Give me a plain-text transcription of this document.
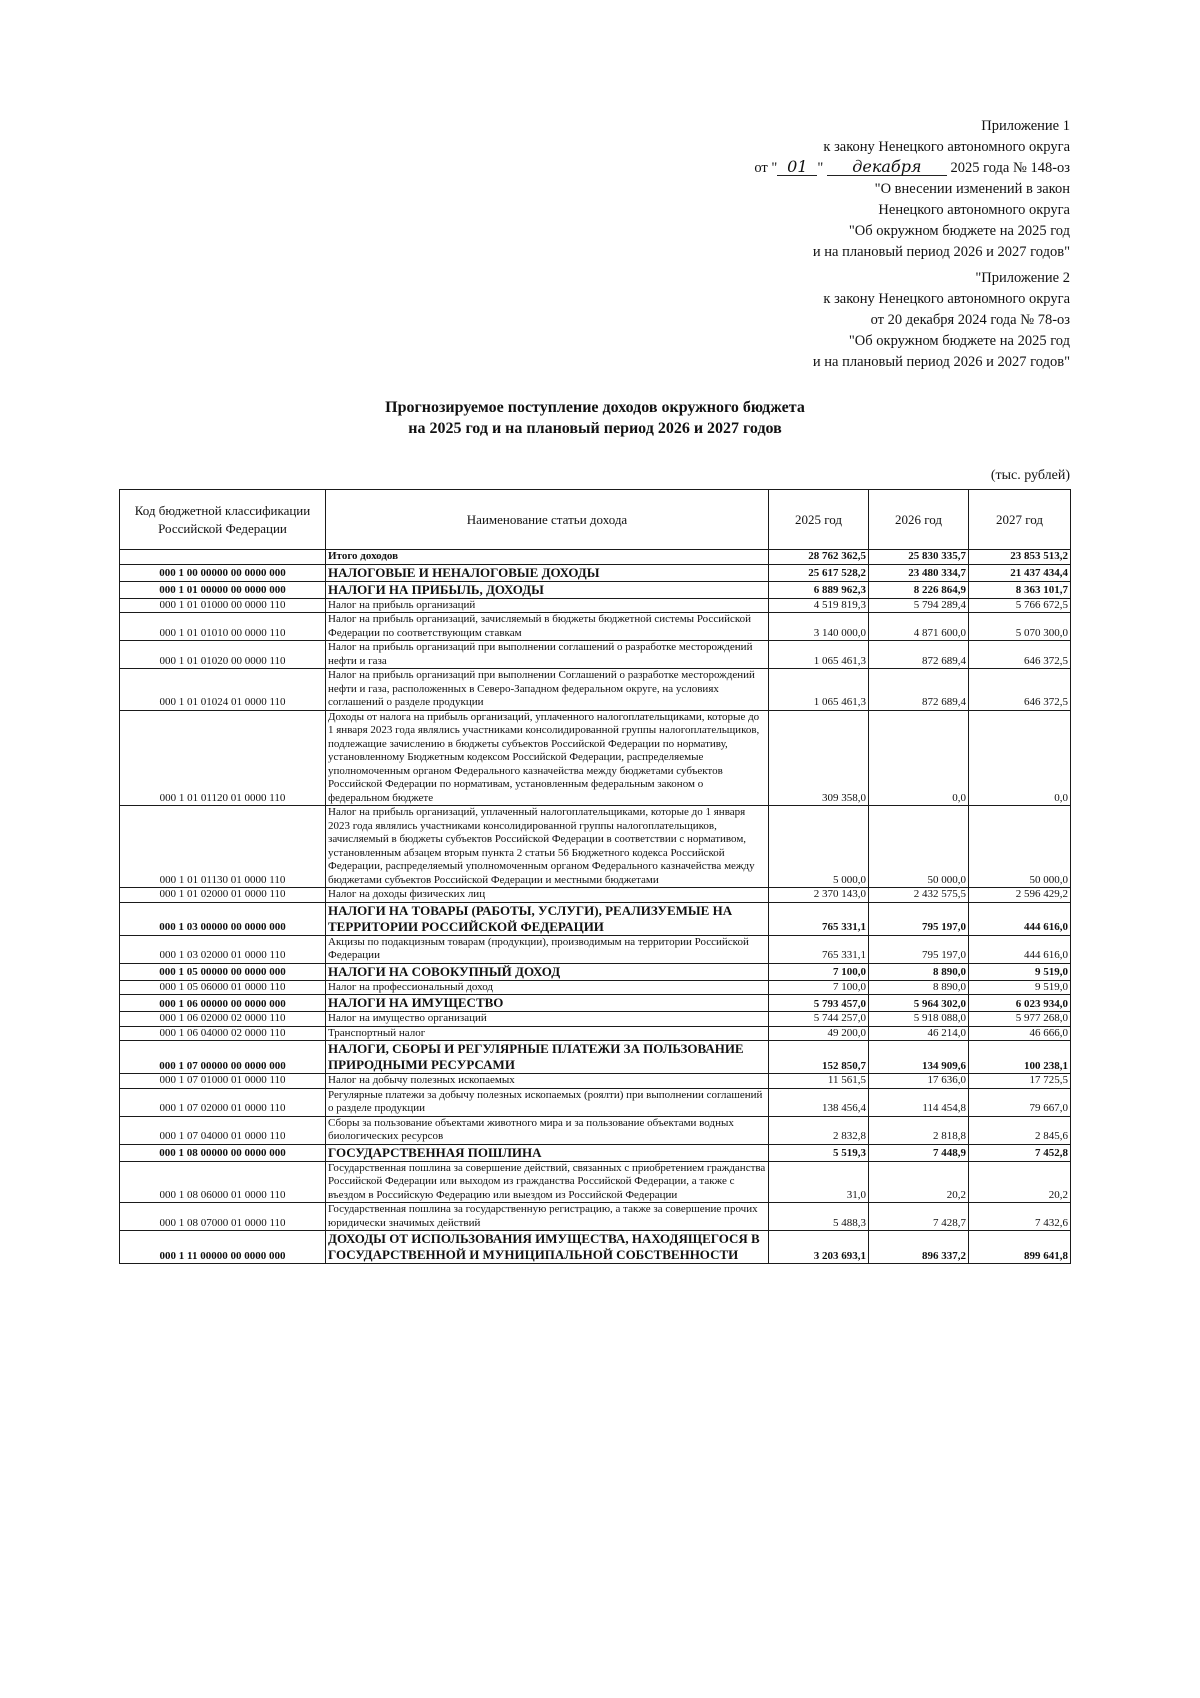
Приложение 1
к закону Ненецкого автономного округа
от " 01 " декабря 2025 года № 148-оз
"О внесении изменений в закон
Ненецкого автономного округа
"Об окружном бюджете на 2025 год
и на плановый период 2026 и 2027 годов"
"Приложение 2
к закону Ненецкого автономного округа
от 20 декабря 2024 года № 78-оз
"Об окружном бюджете на 2025 год
и на плановый период 2026 и 2027 годов"
Прогнозируемое поступление доходов окружного бюджета
на 2025 год и на плановый период 2026 и 2027 годов
(тыс. рублей)
Код бюджетной классификации Российской Федерации	Наименование статьи дохода	2025 год	2026 год	2027 год
	Итого доходов	28 762 362,5	25 830 335,7	23 853 513,2
000 1 00 00000 00 0000 000	НАЛОГОВЫЕ И НЕНАЛОГОВЫЕ ДОХОДЫ	25 617 528,2	23 480 334,7	21 437 434,4
000 1 01 00000 00 0000 000	НАЛОГИ НА ПРИБЫЛЬ, ДОХОДЫ	6 889 962,3	8 226 864,9	8 363 101,7
000 1 01 01000 00 0000 110	Налог на прибыль организаций	4 519 819,3	5 794 289,4	5 766 672,5
000 1 01 01010 00 0000 110	Налог на прибыль организаций, зачисляемый в бюджеты бюджетной системы Российской Федерации по соответствующим ставкам	3 140 000,0	4 871 600,0	5 070 300,0
000 1 01 01020 00 0000 110	Налог на прибыль организаций при выполнении соглашений о разработке месторождений нефти и газа	1 065 461,3	872 689,4	646 372,5
000 1 01 01024 01 0000 110	Налог на прибыль организаций при выполнении Соглашений о разработке месторождений нефти и газа, расположенных в Северо-Западном федеральном округе, на условиях соглашений о разделе продукции	1 065 461,3	872 689,4	646 372,5
000 1 01 01120 01 0000 110	Доходы от налога на прибыль организаций, уплаченного налогоплательщиками, которые до 1 января 2023 года являлись участниками консолидированной группы налогоплательщиков, подлежащие зачислению в бюджеты субъектов Российской Федерации по нормативу, установленному Бюджетным кодексом Российской Федерации, распределяемые уполномоченным органом Федерального казначейства между бюджетами субъектов Российской Федерации по нормативам, установленным федеральным законом о федеральном бюджете	309 358,0	0,0	0,0
000 1 01 01130 01 0000 110	Налог на прибыль организаций, уплаченный налогоплательщиками, которые до 1 января 2023 года являлись участниками консолидированной группы налогоплательщиков, зачисляемый в бюджеты субъектов Российской Федерации в соответствии с нормативом, установленным абзацем вторым пункта 2 статьи 56 Бюджетного кодекса Российской Федерации, распределяемый уполномоченным органом Федерального казначейства между бюджетами субъектов Российской Федерации и местными бюджетами	5 000,0	50 000,0	50 000,0
000 1 01 02000 01 0000 110	Налог на доходы физических лиц	2 370 143,0	2 432 575,5	2 596 429,2
000 1 03 00000 00 0000 000	НАЛОГИ НА ТОВАРЫ (РАБОТЫ, УСЛУГИ), РЕАЛИЗУЕМЫЕ НА ТЕРРИТОРИИ РОССИЙСКОЙ ФЕДЕРАЦИИ	765 331,1	795 197,0	444 616,0
000 1 03 02000 01 0000 110	Акцизы по подакцизным товарам (продукции), производимым на территории Российской Федерации	765 331,1	795 197,0	444 616,0
000 1 05 00000 00 0000 000	НАЛОГИ НА СОВОКУПНЫЙ ДОХОД	7 100,0	8 890,0	9 519,0
000 1 05 06000 01 0000 110	Налог на профессиональный доход	7 100,0	8 890,0	9 519,0
000 1 06 00000 00 0000 000	НАЛОГИ НА ИМУЩЕСТВО	5 793 457,0	5 964 302,0	6 023 934,0
000 1 06 02000 02 0000 110	Налог на имущество организаций	5 744 257,0	5 918 088,0	5 977 268,0
000 1 06 04000 02 0000 110	Транспортный налог	49 200,0	46 214,0	46 666,0
000 1 07 00000 00 0000 000	НАЛОГИ, СБОРЫ И РЕГУЛЯРНЫЕ ПЛАТЕЖИ ЗА ПОЛЬЗОВАНИЕ ПРИРОДНЫМИ РЕСУРСАМИ	152 850,7	134 909,6	100 238,1
000 1 07 01000 01 0000 110	Налог на добычу полезных ископаемых	11 561,5	17 636,0	17 725,5
000 1 07 02000 01 0000 110	Регулярные платежи за добычу полезных ископаемых (роялти) при выполнении соглашений о разделе продукции	138 456,4	114 454,8	79 667,0
000 1 07 04000 01 0000 110	Сборы за пользование объектами животного мира и за пользование объектами водных биологических ресурсов	2 832,8	2 818,8	2 845,6
000 1 08 00000 00 0000 000	ГОСУДАРСТВЕННАЯ ПОШЛИНА	5 519,3	7 448,9	7 452,8
000 1 08 06000 01 0000 110	Государственная пошлина за совершение действий, связанных с приобретением гражданства Российской Федерации или выходом из гражданства Российской Федерации, а также с въездом в Российскую Федерацию или выездом из Российской Федерации	31,0	20,2	20,2
000 1 08 07000 01 0000 110	Государственная пошлина за государственную регистрацию, а также за совершение прочих юридически значимых действий	5 488,3	7 428,7	7 432,6
000 1 11 00000 00 0000 000	ДОХОДЫ ОТ ИСПОЛЬЗОВАНИЯ ИМУЩЕСТВА, НАХОДЯЩЕГОСЯ В ГОСУДАРСТВЕННОЙ И МУНИЦИПАЛЬНОЙ СОБСТВЕННОСТИ	3 203 693,1	896 337,2	899 641,8
